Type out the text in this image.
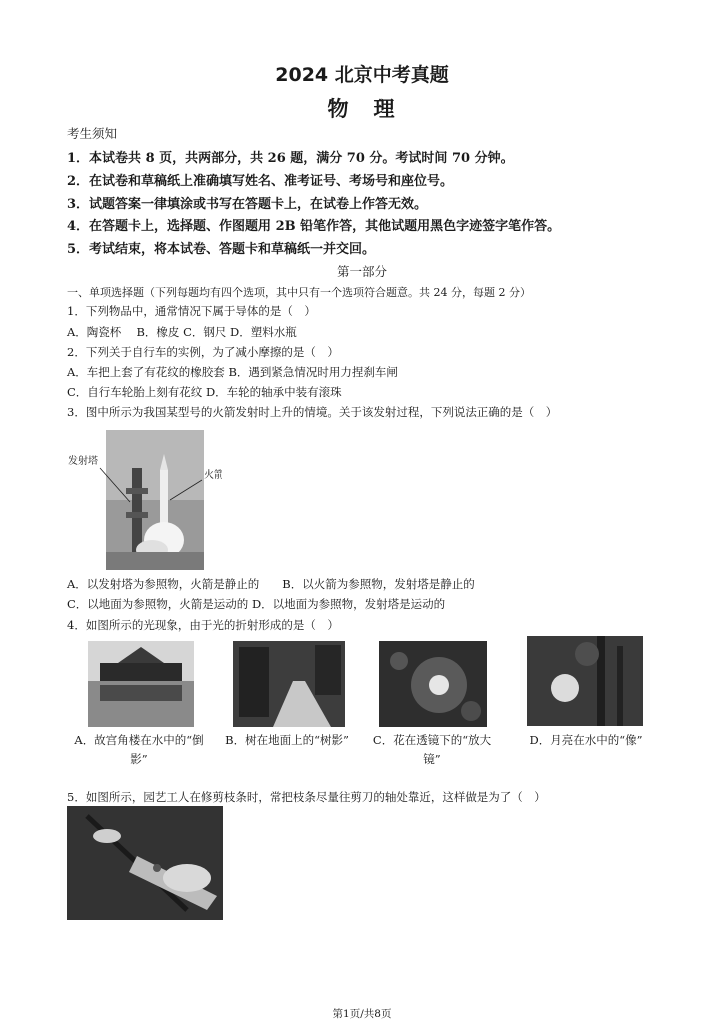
2024 北京中考真题
物　理
考生须知
1．本试卷共 8 页，共两部分，共 26 题，满分 70 分。考试时间 70 分钟。
2．在试卷和草稿纸上准确填写姓名、准考证号、考场号和座位号。
3．试题答案一律填涂或书写在答题卡上，在试卷上作答无效。
4．在答题卡上，选择题、作图题用 2B 铅笔作答，其他试题用黑色字迹签字笔作答。
5．考试结束，将本试卷、答题卡和草稿纸一并交回。
第一部分
一、单项选择题（下列每题均有四个选项，其中只有一个选项符合题意。共 24 分，每题 2 分）
1．下列物品中，通常情况下属于导体的是（　）
A．陶瓷杯　 B．橡皮 C．钢尺 D．塑料水瓶
2．下列关于自行车的实例，为了减小摩擦的是（　）
A．车把上套了有花纹的橡胶套 B．遇到紧急情况时用力捏刹车闸
C．自行车轮胎上刻有花纹 D．车轮的轴承中装有滚珠
3．图中所示为我国某型号的火箭发射时上升的情境。关于该发射过程，下列说法正确的是（　）
发射塔
火箭
A．以发射塔为参照物，火箭是静止的　　B．以火箭为参照物，发射塔是静止的
C．以地面为参照物，火箭是运动的 D．以地面为参照物，发射塔是运动的
4．如图所示的光现象，由于光的折射形成的是（　）
A．故宫角楼在水中的“倒影”
B．树在地面上的“树影”	C．花在透镜下的“放大镜”
D．月亮在水中的“像”
5．如图所示，园艺工人在修剪枝条时，常把枝条尽量往剪刀的轴处靠近，这样做是为了（　）
第1页/共8页
